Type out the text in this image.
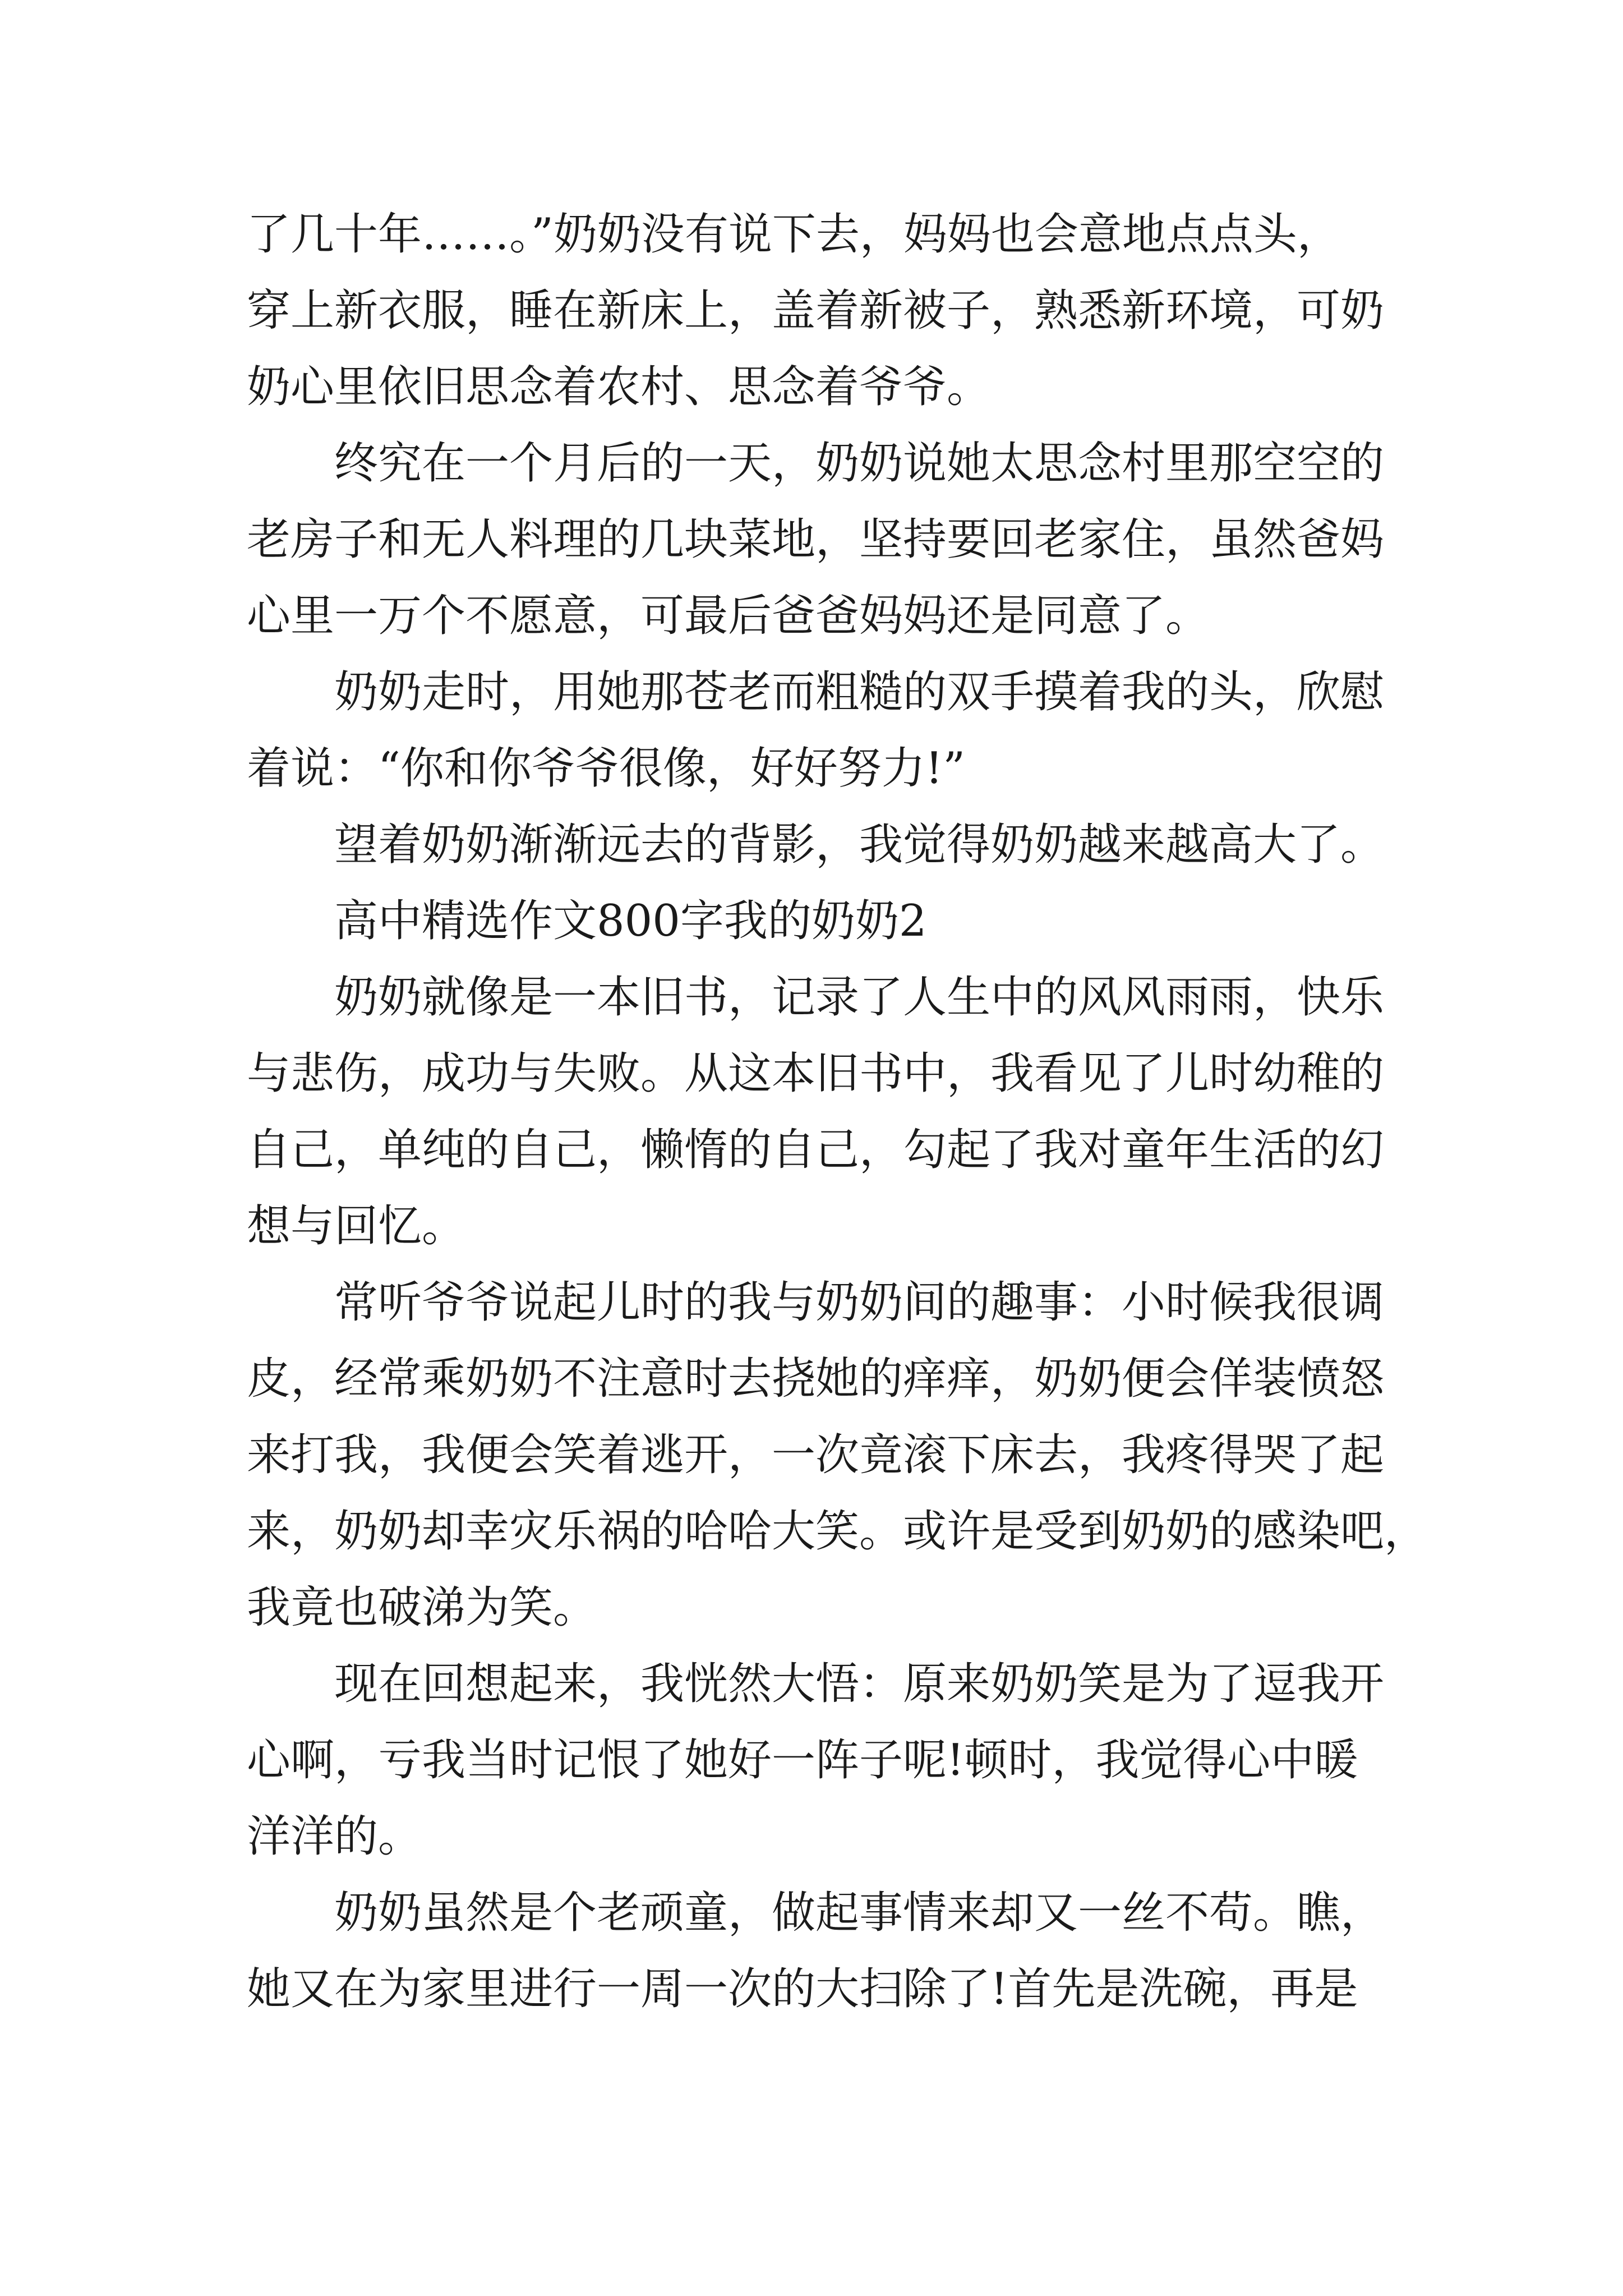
了几十年……。”奶奶没有说下去，妈妈也会意地点点头，
穿上新衣服，睡在新床上，盖着新被子，熟悉新环境，可奶
奶心里依旧思念着农村、思念着爷爷。
终究在一个月后的一天，奶奶说她太思念村里那空空的
老房子和无人料理的几块菜地，坚持要回老家住，虽然爸妈
心里一万个不愿意，可最后爸爸妈妈还是同意了。
奶奶走时，用她那苍老而粗糙的双手摸着我的头，欣慰
着说：“你和你爷爷很像，好好努力!”
望着奶奶渐渐远去的背影，我觉得奶奶越来越高大了。
高中精选作文800字我的奶奶2
奶奶就像是一本旧书，记录了人生中的风风雨雨，快乐
与悲伤，成功与失败。从这本旧书中，我看见了儿时幼稚的
自己，单纯的自己，懒惰的自己，勾起了我对童年生活的幻
想与回忆。
常听爷爷说起儿时的我与奶奶间的趣事：小时候我很调
皮，经常乘奶奶不注意时去挠她的痒痒，奶奶便会佯装愤怒
来打我，我便会笑着逃开，一次竟滚下床去，我疼得哭了起
来，奶奶却幸灾乐祸的哈哈大笑。或许是受到奶奶的感染吧，
我竟也破涕为笑。
现在回想起来，我恍然大悟：原来奶奶笑是为了逗我开
心啊，亏我当时记恨了她好一阵子呢!顿时，我觉得心中暖
洋洋的。
奶奶虽然是个老顽童，做起事情来却又一丝不苟。瞧，
她又在为家里进行一周一次的大扫除了!首先是洗碗，再是
